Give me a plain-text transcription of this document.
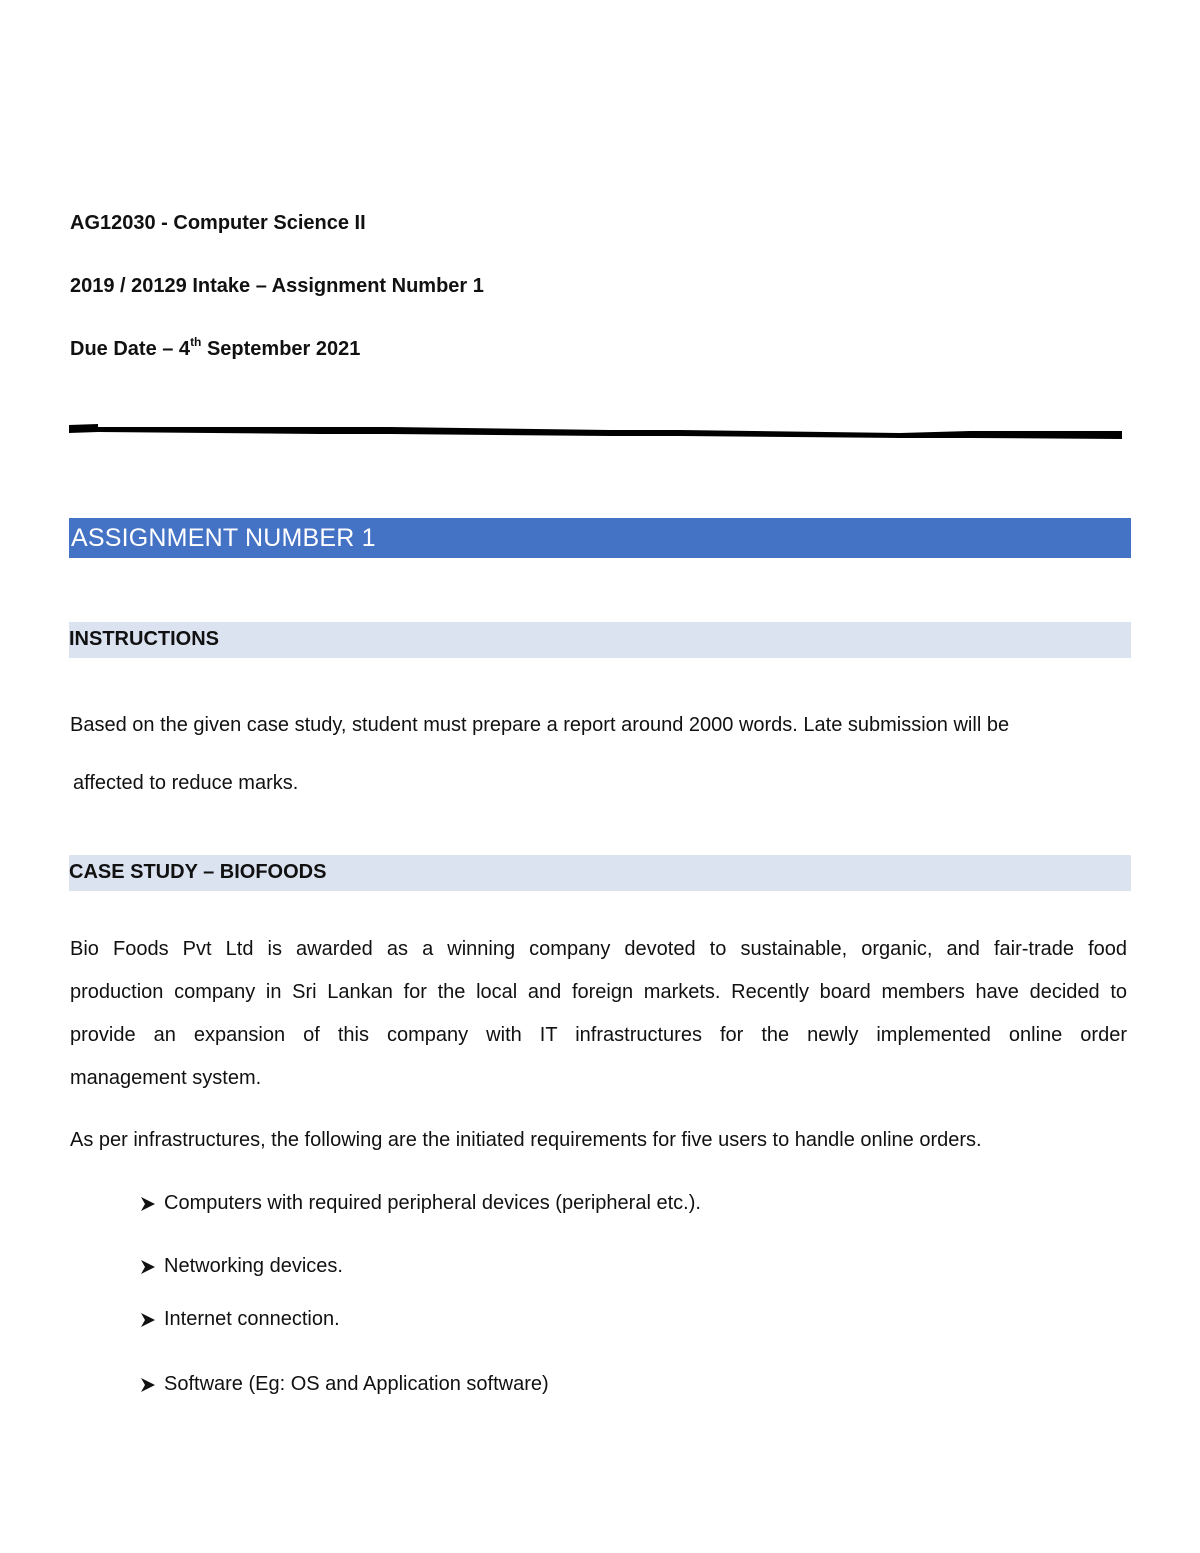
AG12030 - Computer Science II
2019 / 20129 Intake – Assignment Number 1
Due Date – 4th September 2021
ASSIGNMENT NUMBER 1
INSTRUCTIONS
Based on the given case study, student must prepare a report around 2000 words. Late submission will be
affected to reduce marks.
CASE STUDY – BIOFOODS
Bio Foods Pvt Ltd is awarded as a winning company devoted to sustainable, organic, and fair-trade food
production company in Sri Lankan for the local and foreign markets. Recently board members have decided to
provide an expansion of this company with IT infrastructures for the newly implemented online order
management system.
As per infrastructures, the following are the initiated requirements for five users to handle online orders.
Computers with required peripheral devices (peripheral etc.).
Networking devices.
Internet connection.
Software (Eg: OS and Application software)
